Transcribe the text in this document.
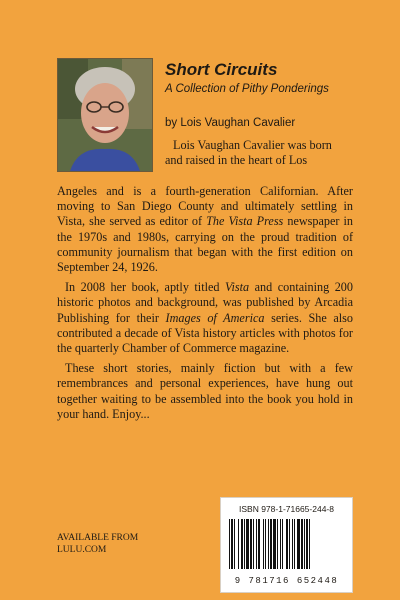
Short Circuits
A Collection of Pithy Ponderings
by Lois Vaughan Cavalier
Lois Vaughan Cavalier was born
and raised in the heart of Los

Angeles and is a fourth-generation Californian. After moving to San Diego County and ultimately settling in Vista, she served as editor of The Vista Press newspaper in the 1970s and 1980s, carrying on the proud tradition of community journalism that began with the first edition on September 24, 1926.

In 2008 her book, aptly titled Vista and containing 200 historic photos and background, was published by Arcadia Publishing for their Images of America series. She also contributed a decade of Vista history articles with photos for the quarterly Chamber of Commerce magazine.

These short stories, mainly fiction but with a few remembrances and personal experiences, have hung out together waiting to be assembled into the book you hold in your hand. Enjoy...

AVAILABLE FROM
LULU.COM
ISBN 978-1-71665-244-8
9 781716 652448
